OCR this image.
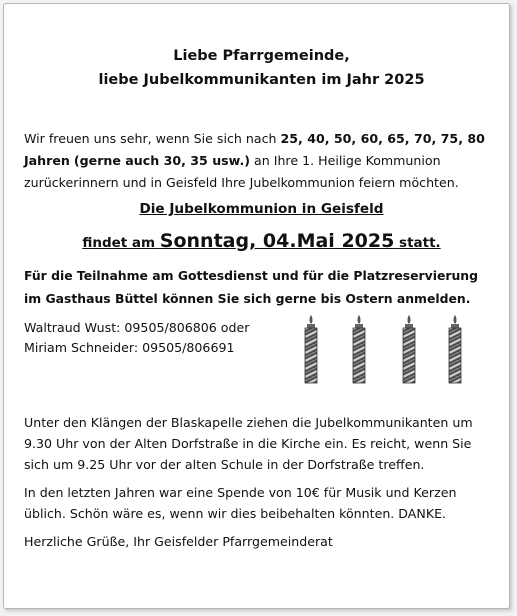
Liebe Pfarrgemeinde,
liebe Jubelkommunikanten im Jahr 2025

Wir freuen uns sehr, wenn Sie sich nach 25, 40, 50, 60, 65, 70, 75, 80 Jahren (gerne auch 30, 35 usw.) an Ihre 1. Heilige Kommunion zurückerinnern und in Geisfeld Ihre Jubelkommunion feiern möchten.

Die Jubelkommunion in Geisfeld

findet am Sonntag, 04.Mai 2025 statt.

Für die Teilnahme am Gottesdienst und für die Platzreservierung
im Gasthaus Büttel können Sie sich gerne bis Ostern anmelden.

Waltraud Wust: 09505/806806 oder
Miriam Schneider: 09505/806691

Unter den Klängen der Blaskapelle ziehen die Jubelkommunikanten um 9.30 Uhr von der Alten Dorfstraße in die Kirche ein. Es reicht, wenn Sie sich um 9.25 Uhr vor der alten Schule in der Dorfstraße treffen.

In den letzten Jahren war eine Spende von 10€ für Musik und Kerzen üblich. Schön wäre es, wenn wir dies beibehalten könnten. DANKE.

Herzliche Grüße, Ihr Geisfelder Pfarrgemeinderat
